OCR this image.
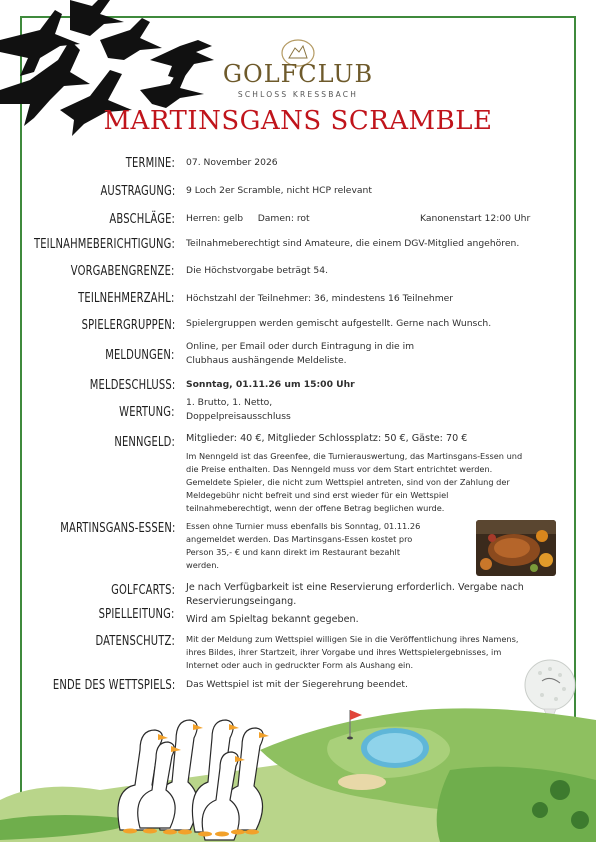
GOLFCLUB
SCHLOSS KRESSBACH
MARTINSGANS SCRAMBLE
TERMINE: 07. November 2026
AUSTRAGUNG: 9 Loch 2er Scramble, nicht HCP relevant
ABSCHLÄGE: Herren: gelb     Damen: rot	Kanonenstart 12:00 Uhr
TEILNAHMEBERICHTIGUNG: Teilnahmeberechtigt sind Amateure, die einem DGV-Mitglied angehören.
VORGABENGRENZE: Die Höchstvorgabe beträgt 54.
TEILNEHMERZAHL: Höchstzahl der Teilnehmer: 36, mindestens 16 Teilnehmer
SPIELERGRUPPEN: Spielergruppen werden gemischt aufgestellt. Gerne nach Wunsch.
MELDUNGEN:
Online, per Email oder durch Eintragung in die im
Clubhaus aushängende Meldeliste.
MELDESCHLUSS: Sonntag, 01.11.26 um 15:00 Uhr
WERTUNG:
1. Brutto, 1. Netto,
Doppelpreisausschluss
NENNGELD: Mitglieder: 40 €, Mitglieder Schlossplatz: 50 €, Gäste: 70 €
Im Nenngeld ist das Greenfee, die Turnierauswertung, das Martinsgans-Essen und
die Preise enthalten. Das Nenngeld muss vor dem Start entrichtet werden.
Gemeldete Spieler, die nicht zum Wettspiel antreten, sind von der Zahlung der
Meldegebühr nicht befreit und sind erst wieder für ein Wettspiel
teilnahmeberechtigt, wenn der offene Betrag beglichen wurde.
MARTINSGANS-ESSEN: Essen ohne Turnier muss ebenfalls bis Sonntag, 01.11.26
angemeldet werden. Das Martinsgans-Essen kostet pro
Person 35,- € und kann direkt im Restaurant bezahlt
werden.
GOLFCARTS: Je nach Verfügbarkeit ist eine Reservierung erforderlich. Vergabe nach
Reservierungseingang.
SPIELLEITUNG: Wird am Spieltag bekannt gegeben.
DATENSCHUTZ: Mit der Meldung zum Wettspiel willigen Sie in die Veröffentlichung ihres Namens,
ihres Bildes, ihrer Startzeit, ihrer Vorgabe und ihres Wettspielergebnisses, im
Internet oder auch in gedruckter Form als Aushang ein.
ENDE DES WETTSPIELS: Das Wettspiel ist mit der Siegerehrung beendet.
